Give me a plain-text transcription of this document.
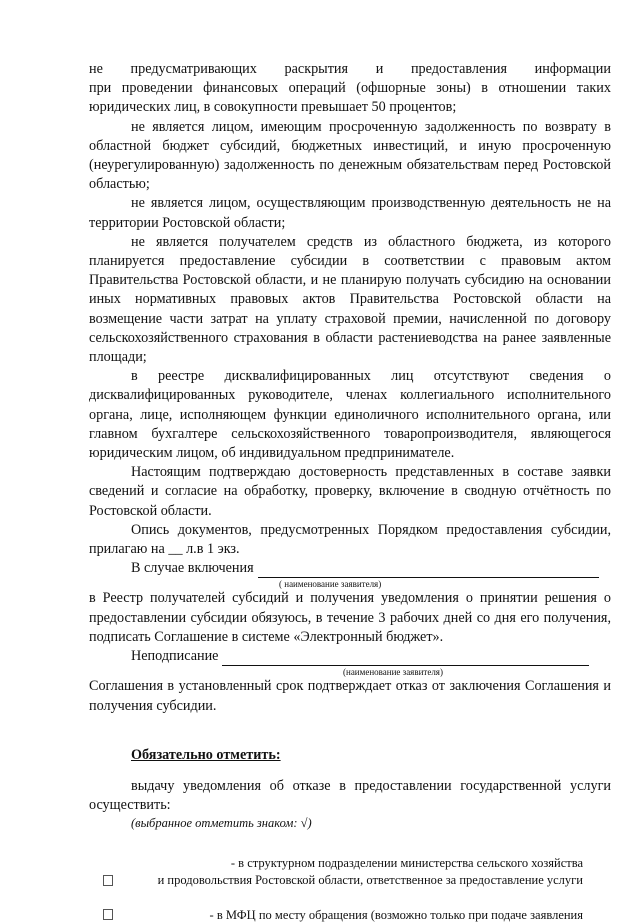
не предусматривающих раскрытия и предоставления информации

при проведении финансовых операций (офшорные зоны) в отношении таких юридических лиц, в совокупности превышает 50 процентов;

не является лицом, имеющим просроченную задолженность по возврату в областной бюджет субсидий, бюджетных инвестиций, и иную просроченную (неурегулированную) задолженность по денежным обязательствам перед Ростовской областью;

не является лицом, осуществляющим производственную деятельность не на территории Ростовской области;

не является получателем средств из областного бюджета, из которого планируется предоставление субсидии в соответствии с правовым актом Правительства Ростовской области, и не планирую получать субсидию на основании иных нормативных правовых актов Правительства Ростовской области на возмещение части затрат на уплату страховой премии, начисленной по договору сельскохозяйственного страхования в области растениеводства на ранее заявленные площади;

в реестре дисквалифицированных лиц отсутствуют сведения о дисквалифицированных руководителе, членах коллегиального исполнительного органа, лице, исполняющем функции единоличного исполнительного органа, или главном бухгалтере сельскохозяйственного товаропроизводителя, являющегося юридическим лицом, об индивидуальном предпринимателе.

Настоящим подтверждаю достоверность представленных в составе заявки сведений и согласие на обработку, проверку, включение в сводную отчётность по Ростовской области.

Опись документов, предусмотренных Порядком предоставления субсидии, прилагаю на __ л.в 1 экз.

В случае включения
( наименование заявителя)

в Реестр получателей субсидий и получения уведомления о принятии решения о предоставлении субсидии обязуюсь, в течение 3 рабочих дней со дня его получения, подписать Соглашение в системе «Электронный бюджет».

Неподписание
(наименование заявителя)

Соглашения в установленный срок подтверждает отказ от заключения Соглашения и получения субсидии.

Обязательно отметить:

выдачу уведомления об отказе в предоставлении государственной услуги осуществить:

(выбранное отметить знаком: √)
- в структурном подразделении министерства сельского хозяйства
и продовольствия Ростовской области, ответственное за предоставление услуги
- в МФЦ по месту обращения (возможно только при подаче заявления
